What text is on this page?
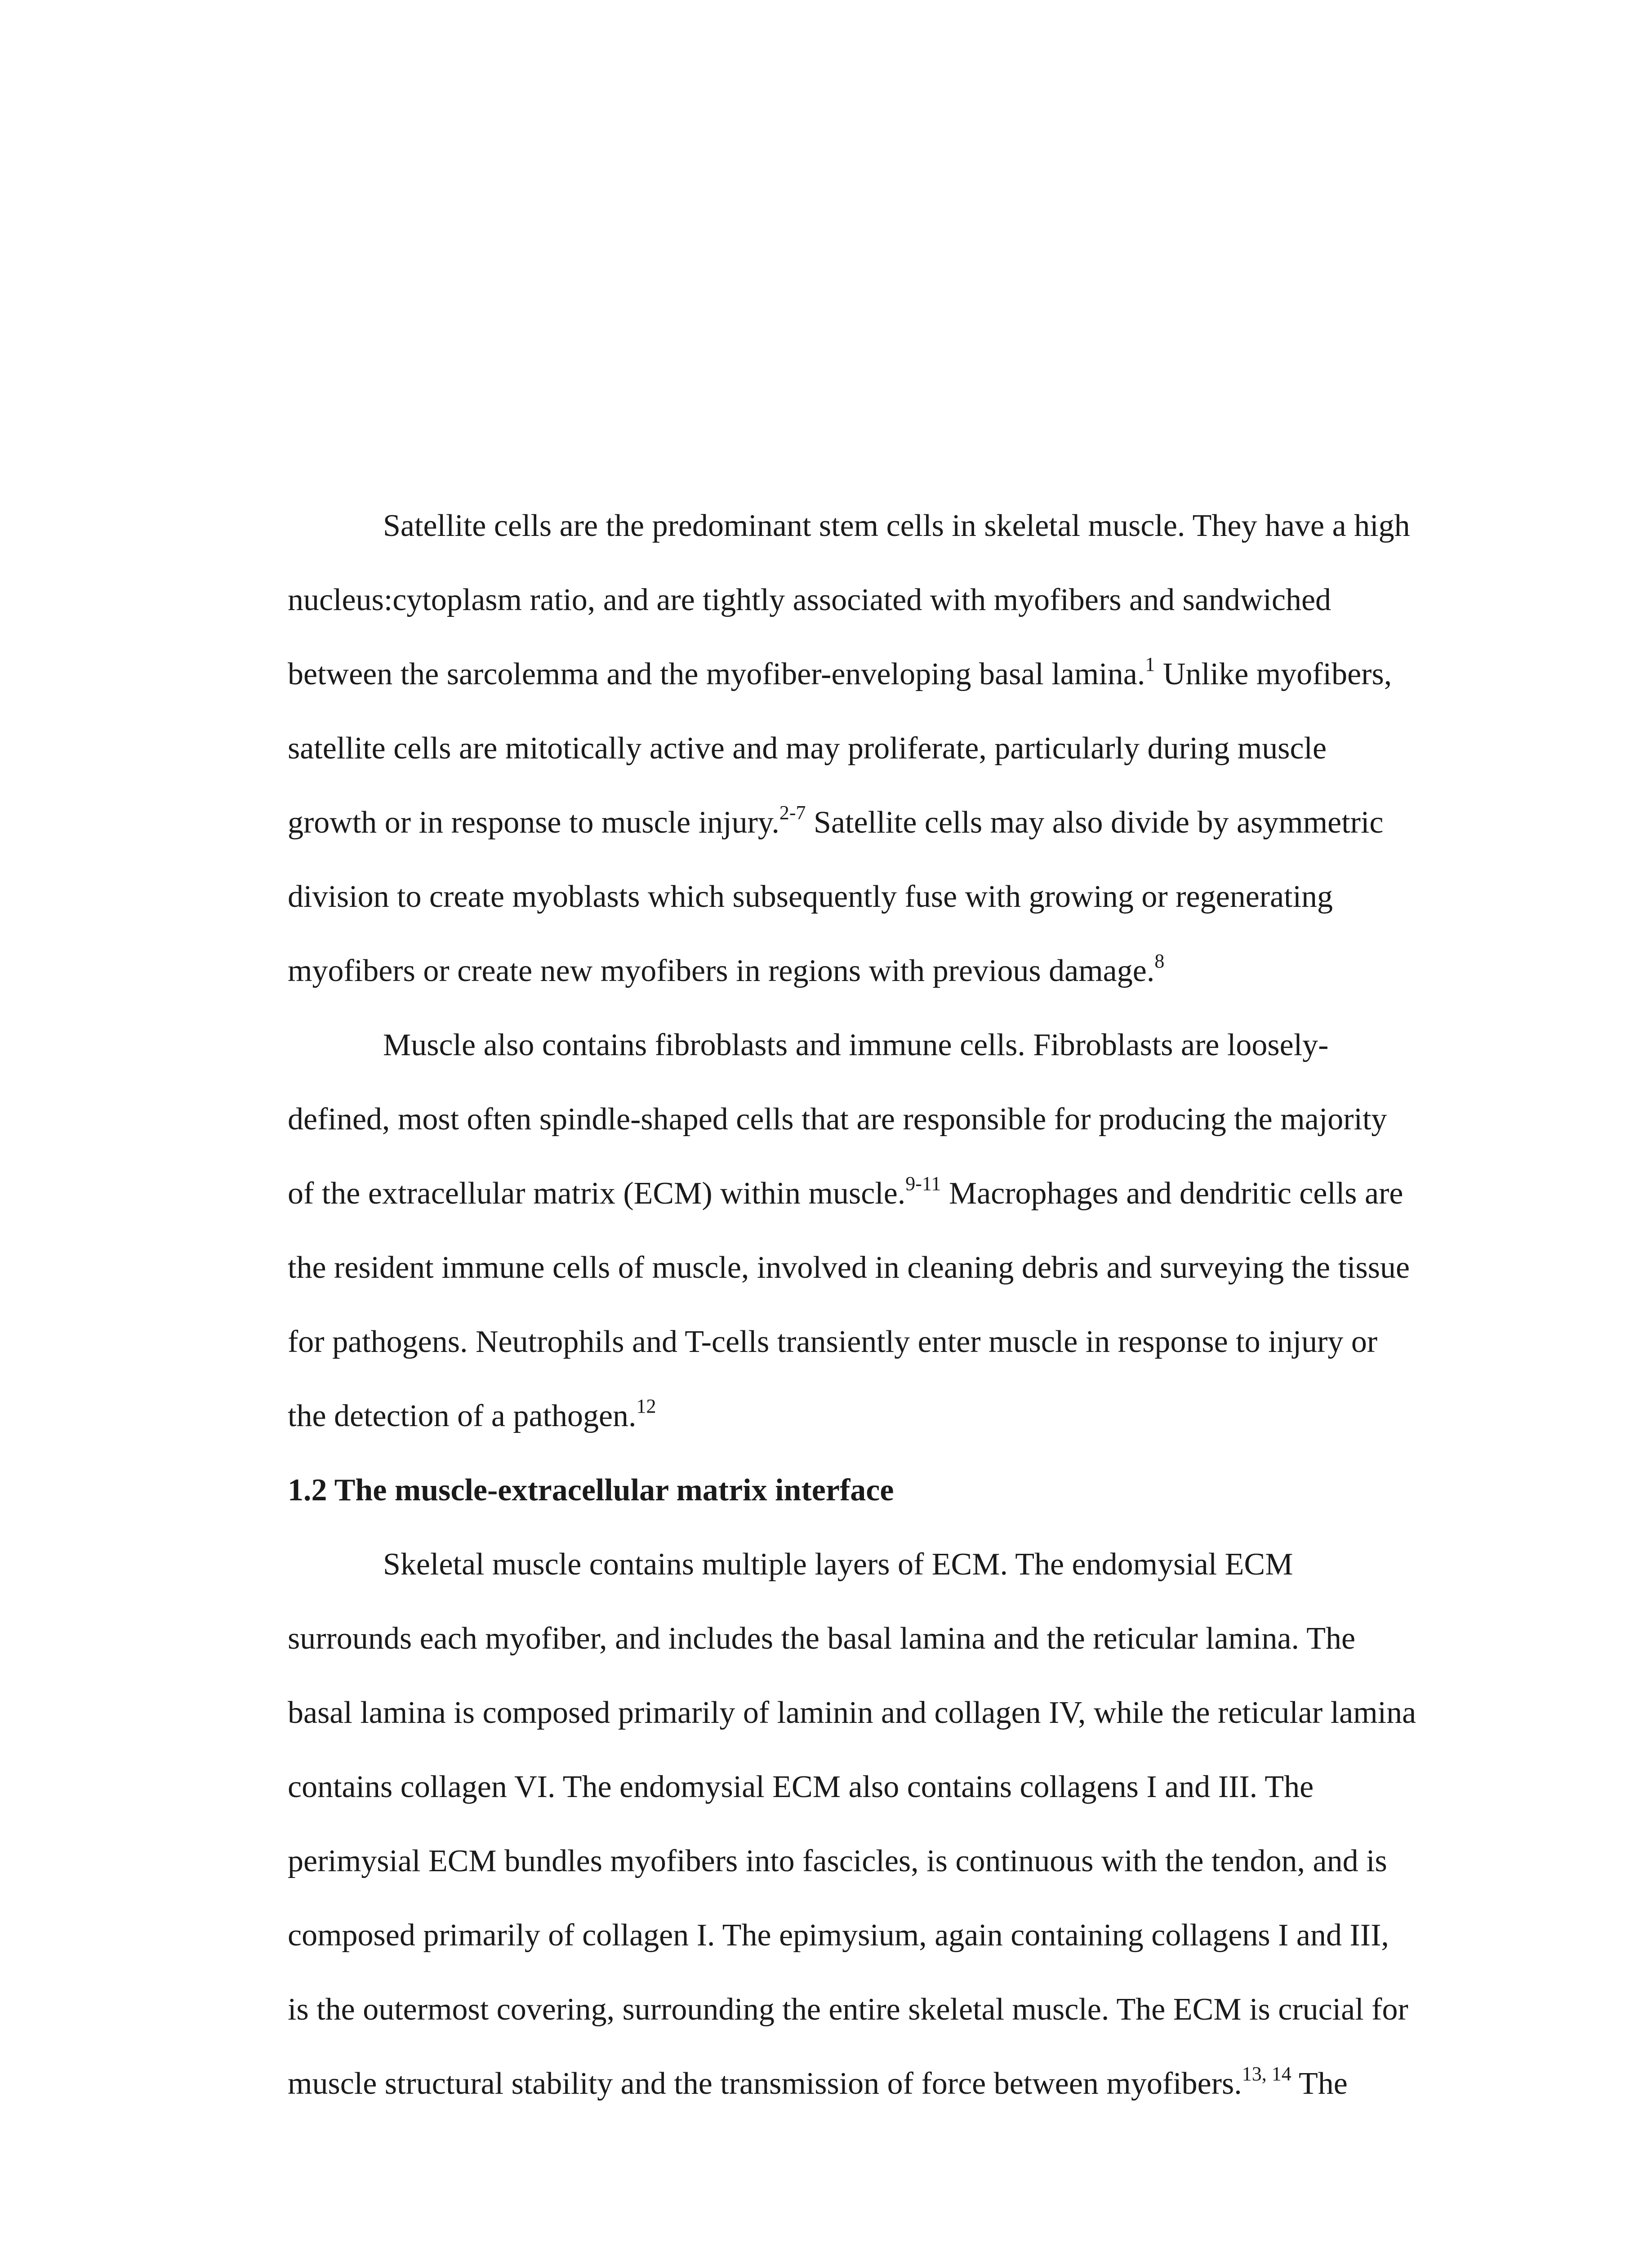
Satellite cells are the predominant stem cells in skeletal muscle. They have a high

nucleus:cytoplasm ratio, and are tightly associated with myofibers and sandwiched

between the sarcolemma and the myofiber-enveloping basal lamina.$^1$ Unlike myofibers,

satellite cells are mitotically active and may proliferate, particularly during muscle

growth or in response to muscle injury.$^{2-7}$ Satellite cells may also divide by asymmetric

division to create myoblasts which subsequently fuse with growing or regenerating

myofibers or create new myofibers in regions with previous damage.$^8$

Muscle also contains fibroblasts and immune cells. Fibroblasts are loosely-

defined, most often spindle-shaped cells that are responsible for producing the majority

of the extracellular matrix (ECM) within muscle.$^{9-11}$ Macrophages and dendritic cells are

the resident immune cells of muscle, involved in cleaning debris and surveying the tissue

for pathogens. Neutrophils and T-cells transiently enter muscle in response to injury or

the detection of a pathogen.$^{12}$

1.2 The muscle-extracellular matrix interface

Skeletal muscle contains multiple layers of ECM. The endomysial ECM

surrounds each myofiber, and includes the basal lamina and the reticular lamina. The

basal lamina is composed primarily of laminin and collagen IV, while the reticular lamina

contains collagen VI. The endomysial ECM also contains collagens I and III. The

perimysial ECM bundles myofibers into fascicles, is continuous with the tendon, and is

composed primarily of collagen I. The epimysium, again containing collagens I and III,

is the outermost covering, surrounding the entire skeletal muscle. The ECM is crucial for

muscle structural stability and the transmission of force between myofibers.$^{13, 14}$ The
